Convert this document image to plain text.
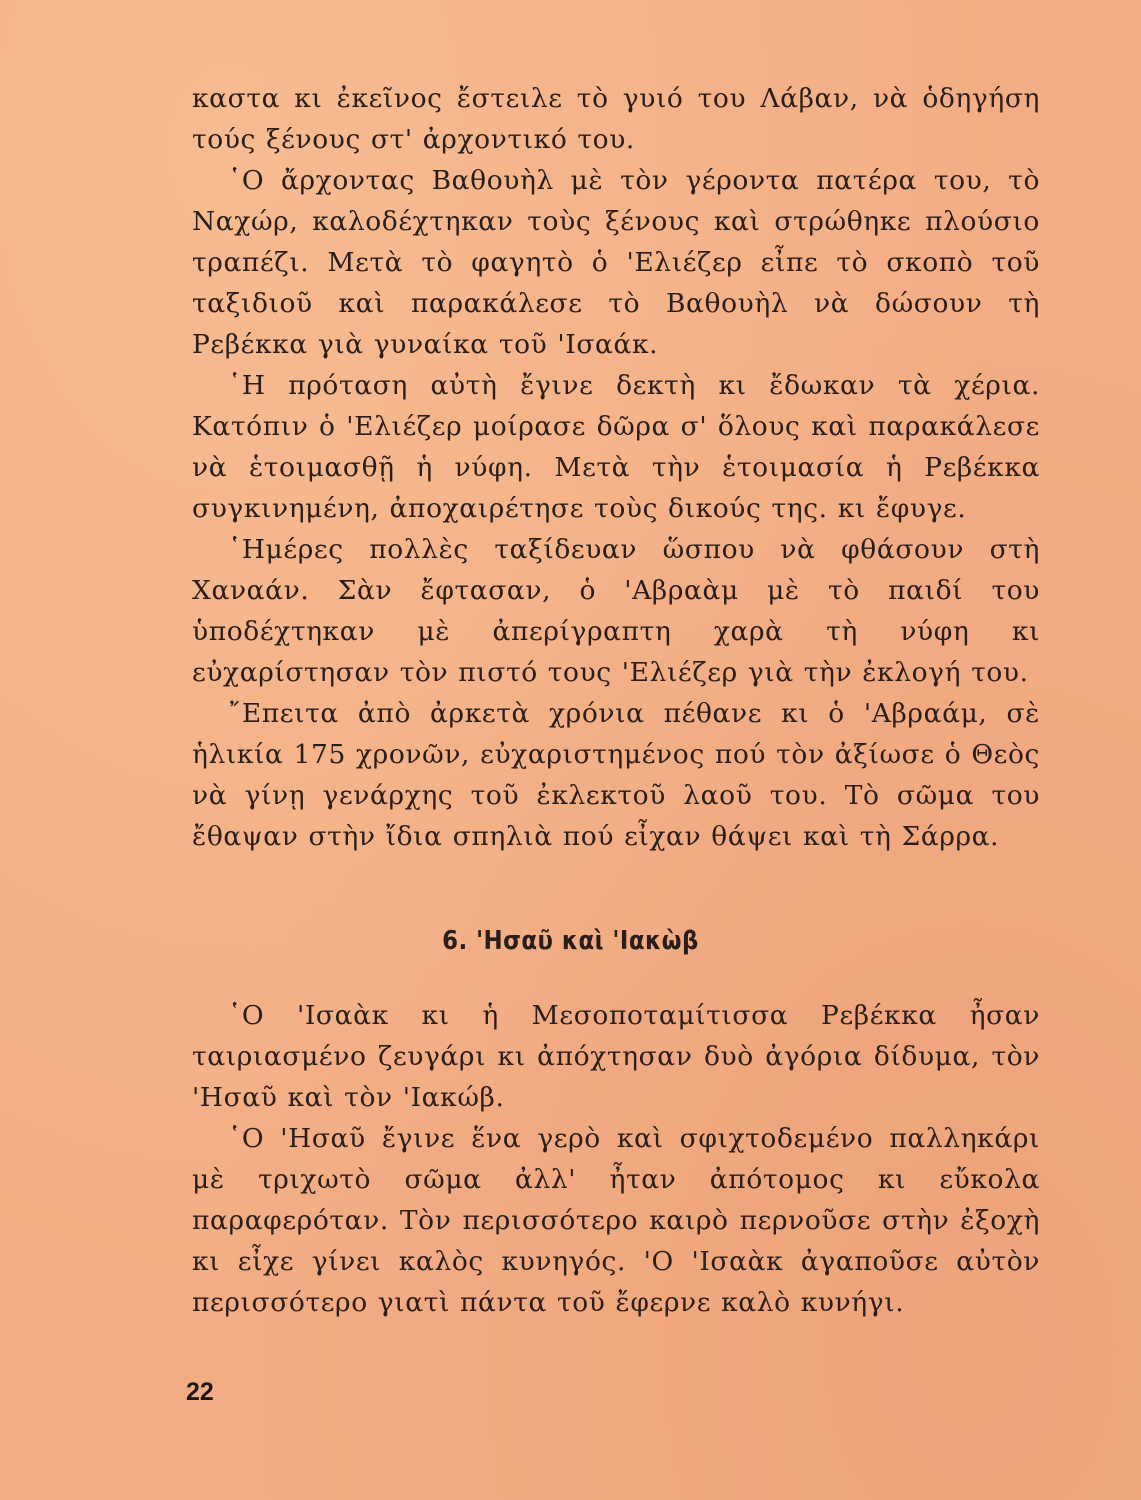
καστα κι ἐκεῖνος ἔστειλε τὸ γυιό του Λάβαν, νὰ ὁδηγήση τούς ξένους στ' ἀρχοντικό του.

῾Ο ἄρχοντας Βαθουὴλ μὲ τὸν γέροντα πατέρα του, τὸ Ναχώρ, καλοδέχτηκαν τοὺς ξένους καὶ στρώθηκε πλούσιο τραπέζι. Μετὰ τὸ φαγητὸ ὁ 'Ελιέζερ εἶπε τὸ σκοπὸ τοῦ ταξιδιοῦ καὶ παρακάλεσε τὸ Βαθουὴλ νὰ δώσουν τὴ Ρεβέκκα γιὰ γυναίκα τοῦ 'Ισαάκ.

῾Η πρόταση αὐτὴ ἔγινε δεκτὴ κι ἔδωκαν τὰ χέρια. Κατόπιν ὁ 'Ελιέζερ μοίρασε δῶρα σ' ὅλους καὶ παρακάλεσε νὰ ἑτοιμασθῇ ἡ νύφη. Μετὰ τὴν ἑτοιμασία ἡ Ρεβέκκα συγκινημένη, ἀποχαιρέτησε τοὺς δικούς της. κι ἔφυγε.

῾Ημέρες πολλὲς ταξίδευαν ὥσπου νὰ φθάσουν στὴ Χαναάν. Σὰν ἔφτασαν, ὁ 'Αβραὰμ μὲ τὸ παιδί του ὑποδέχτηκαν μὲ ἀπερίγραπτη χαρὰ τὴ νύφη κι εὐχαρίστησαν τὸν πιστό τους 'Ελιέζερ γιὰ τὴν ἐκλογή του.

῎Επειτα ἀπὸ ἀρκετὰ χρόνια πέθανε κι ὁ 'Αβραάμ, σὲ ἡλικία 175 χρονῶν, εὐχαριστημένος πού τὸν ἀξίωσε ὁ Θεὸς νὰ γίνῃ γενάρχης τοῦ ἐκλεκτοῦ λαοῦ του. Τὸ σῶμα του ἔθαψαν στὴν ἴδια σπηλιὰ πού εἶχαν θάψει καὶ τὴ Σάρρα.

6. 'Ησαῦ καὶ 'Ιακὼβ

῾Ο 'Ισαὰκ κι ἡ Μεσοποταμίτισσα Ρεβέκκα ἦσαν ταιριασμένο ζευγάρι κι ἀπόχτησαν δυὸ ἀγόρια δίδυμα, τὸν 'Ησαῦ καὶ τὸν 'Ιακώβ.

῾Ο 'Ησαῦ ἔγινε ἕνα γερὸ καὶ σφιχτοδεμένο παλληκάρι μὲ τριχωτὸ σῶμα ἀλλ' ἦταν ἀπότομος κι εὔκολα παραφερόταν. Τὸν περισσότερο καιρὸ περνοῦσε στὴν ἐξοχὴ κι εἶχε γίνει καλὸς κυνηγός. 'Ο 'Ισαὰκ ἀγαποῦσε αὐτὸν περισσότερο γιατὶ πάντα τοῦ ἔφερνε καλὸ κυνήγι.

22
